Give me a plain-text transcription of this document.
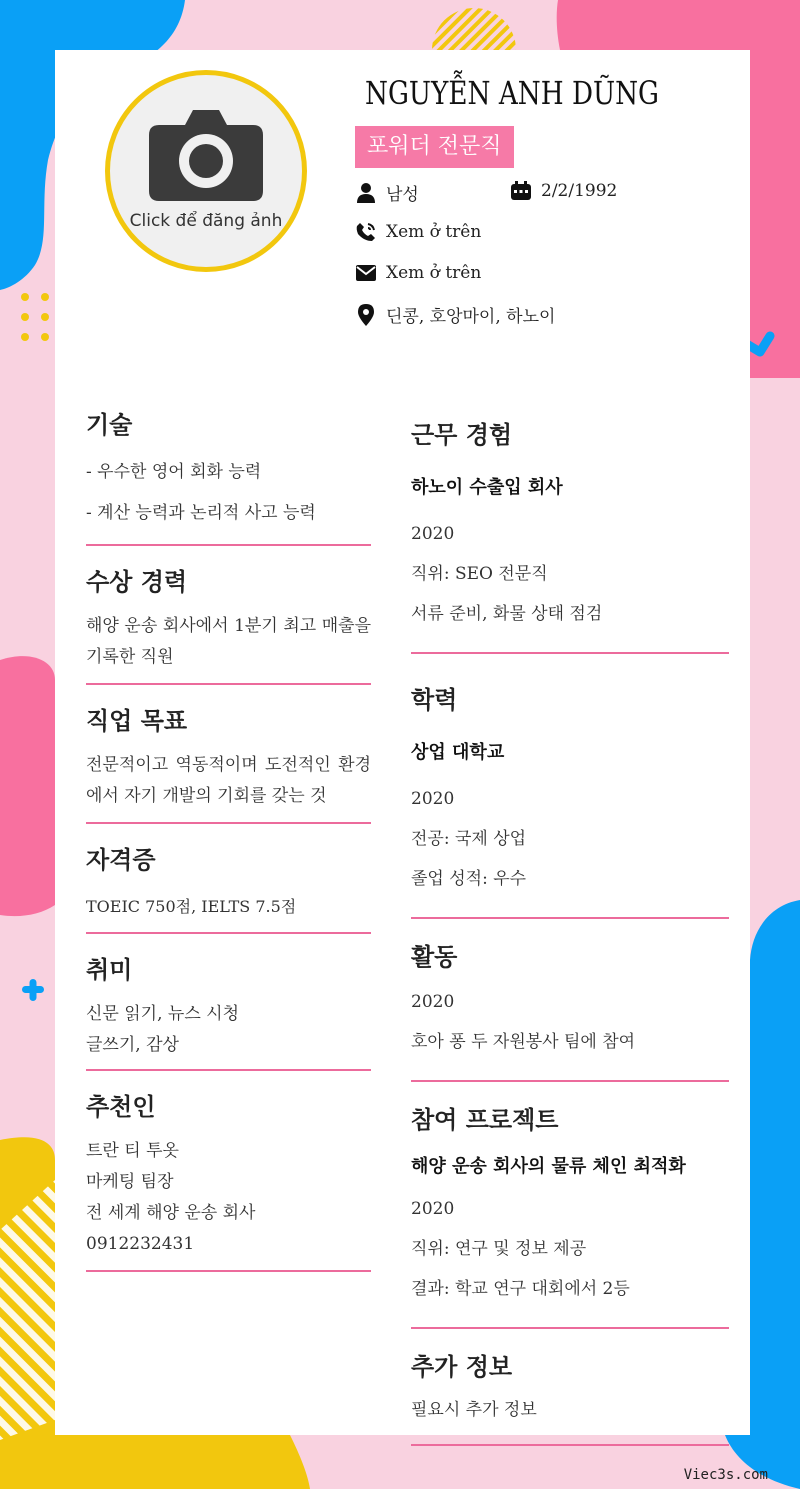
Click để đăng ảnh
NGUYỄN ANH DŨNG
포워더 전문직
남성	2/2/1992
Xem ở trên
Xem ở trên
딘콩, 호앙마이, 하노이
기술
- 우수한 영어 회화 능력
- 계산 능력과 논리적 사고 능력
수상 경력
해양 운송 회사에서 1분기 최고 매출을 기록한 직원
직업 목표
전문적이고 역동적이며 도전적인 환경에서 자기 개발의 기회를 갖는 것
자격증
TOEIC 750점, IELTS 7.5점
취미
신문 읽기, 뉴스 시청
글쓰기, 감상
추천인
트란 티 투옷
마케팅 팀장
전 세계 해양 운송 회사
0912232431
근무 경험
하노이 수출입 회사
2020
직위: SEO 전문직
서류 준비, 화물 상태 점검
학력
상업 대학교
2020
전공: 국제 상업
졸업 성적: 우수
활동
2020
호아 퐁 두 자원봉사 팀에 참여
참여 프로젝트
해양 운송 회사의 물류 체인 최적화
2020
직위: 연구 및 정보 제공
결과: 학교 연구 대회에서 2등
추가 정보
필요시 추가 정보
Viec3s.com
